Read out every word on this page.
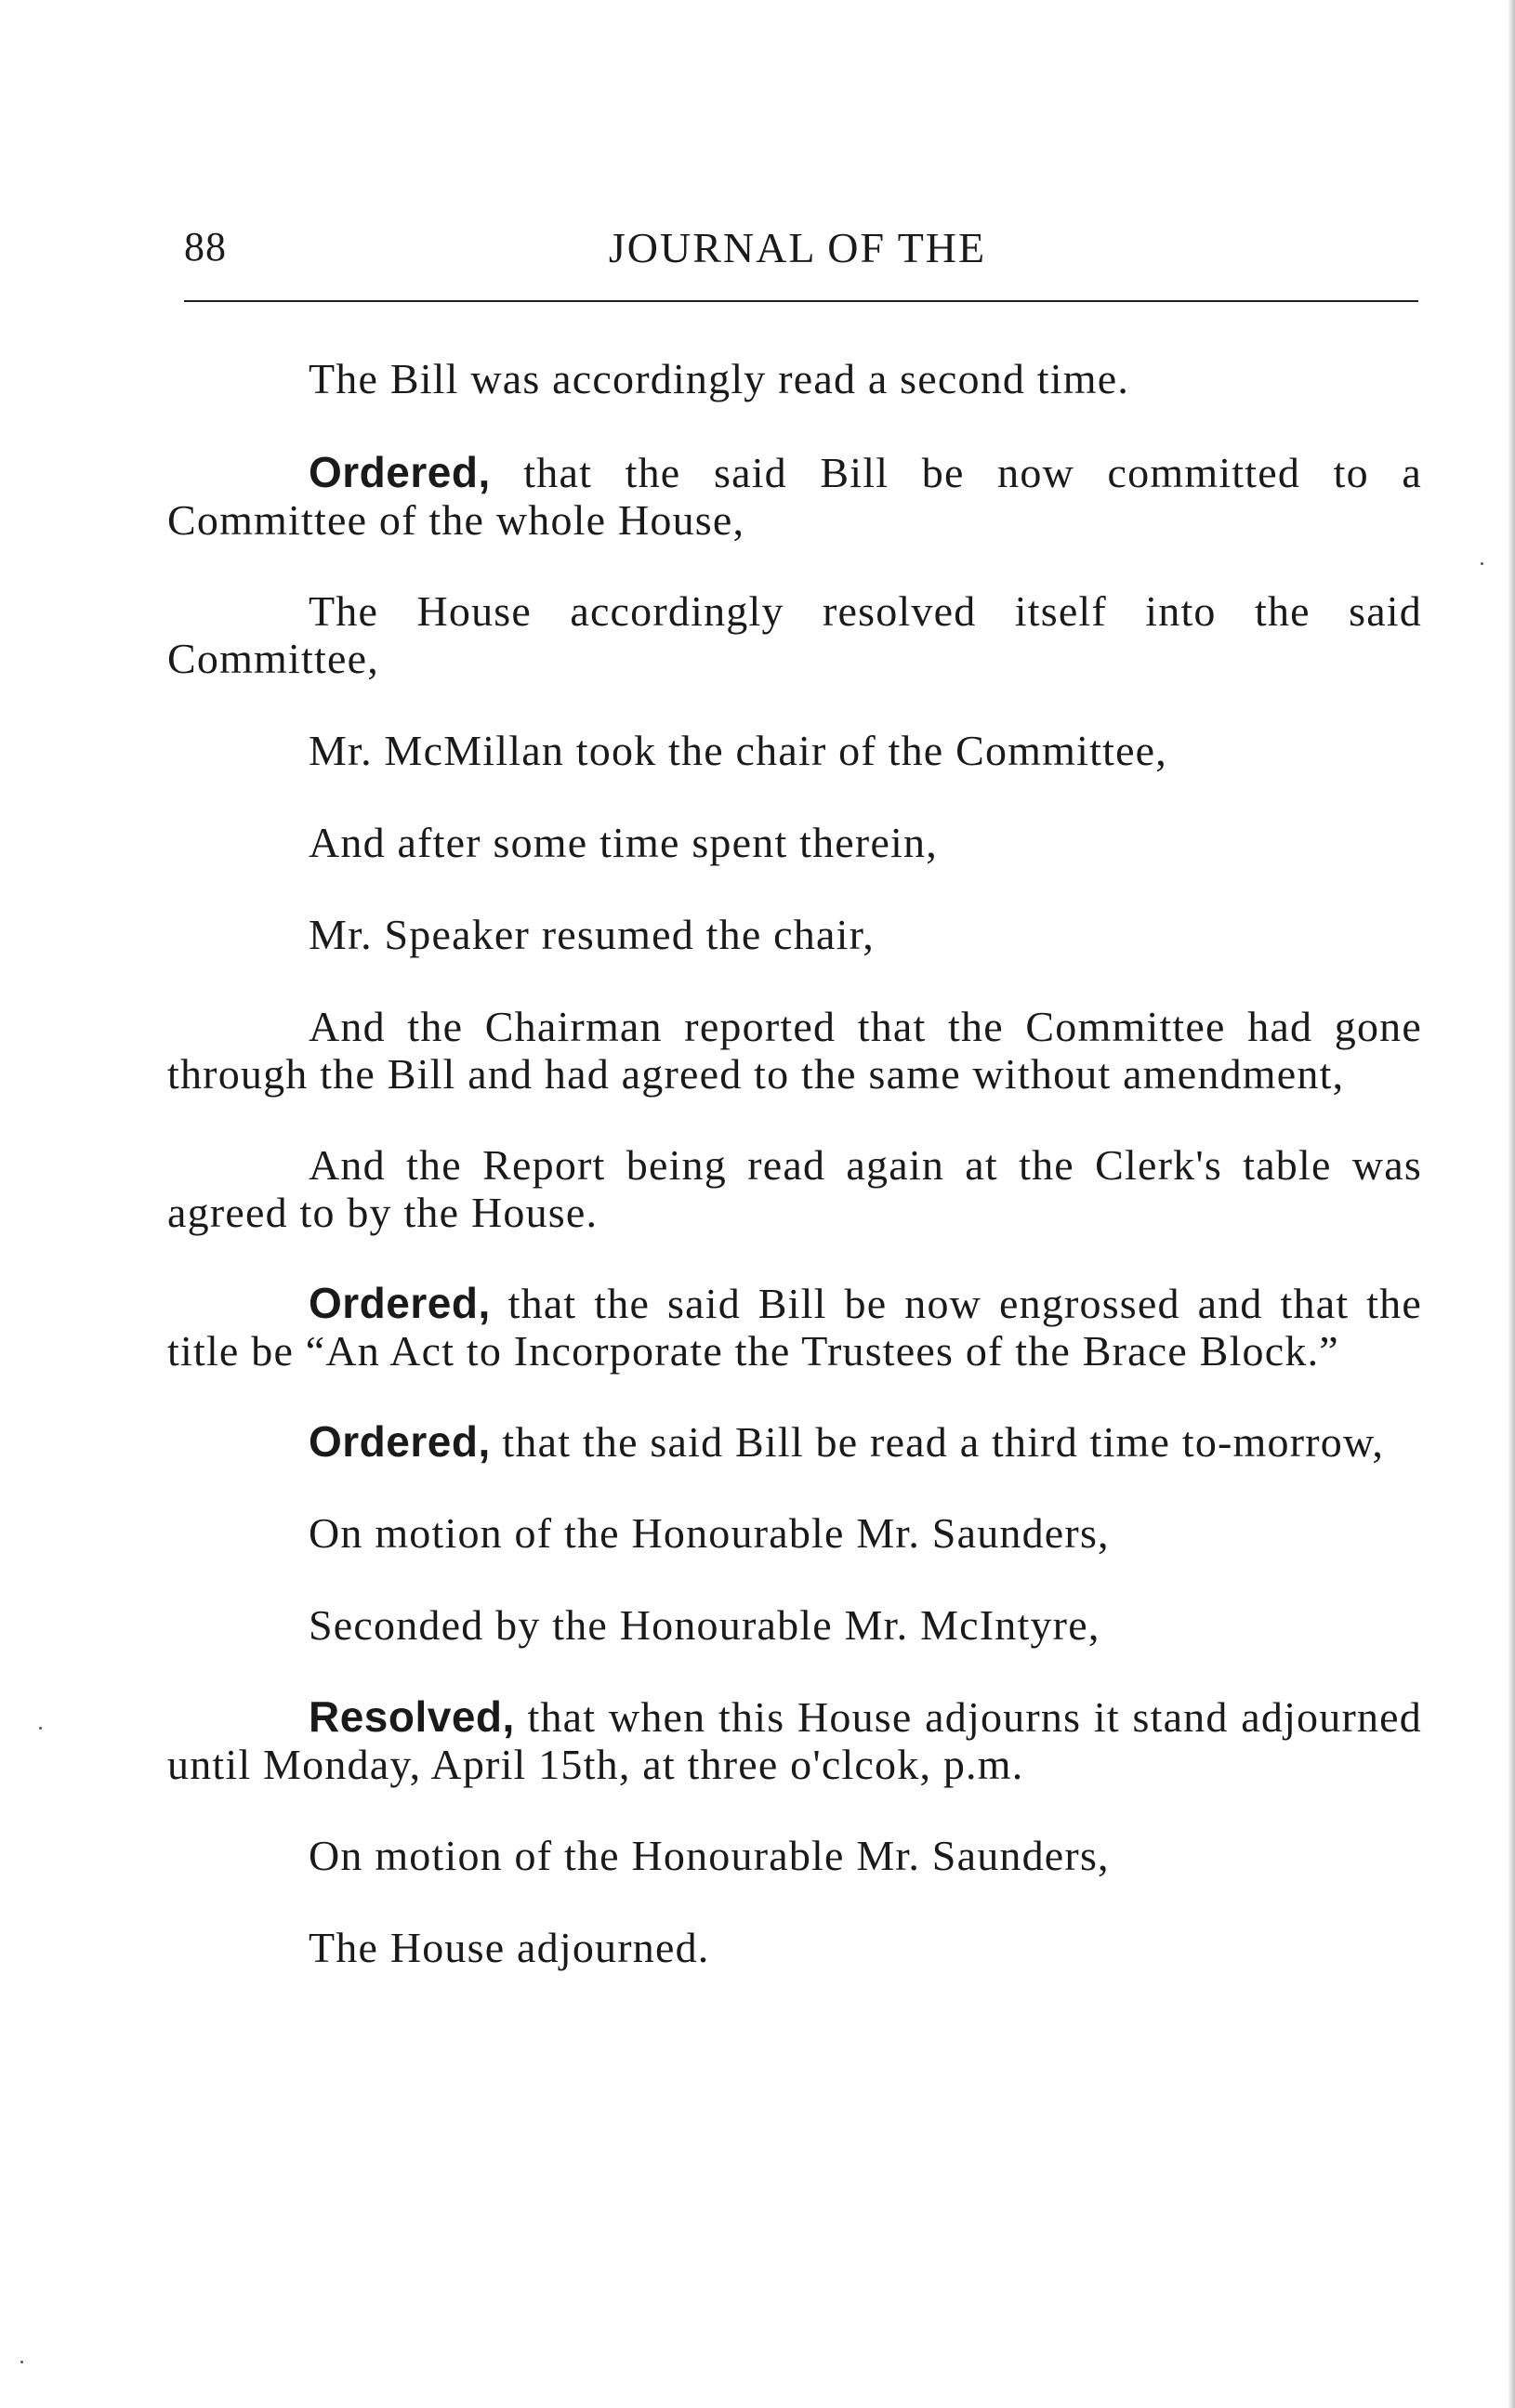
88	JOURNAL OF THE

The Bill was accordingly read a second time.

Ordered, that the said Bill be now committed to a Committee of the whole House,

The House accordingly resolved itself into the said Committee,

Mr. McMillan took the chair of the Committee,

And after some time spent therein,

Mr. Speaker resumed the chair,

And the Chairman reported that the Committee had gone through the Bill and had agreed to the same without amendment,

And the Report being read again at the Clerk's table was agreed to by the House.

Ordered, that the said Bill be now engrossed and that the title be “An Act to Incorporate the Trustees of the Brace Block.”

Ordered, that the said Bill be read a third time to-morrow,

On motion of the Honourable Mr. Saunders,

Seconded by the Honourable Mr. McIntyre,

Resolved, that when this House adjourns it stand adjourned until Monday, April 15th, at three o'clcok, p.m.

On motion of the Honourable Mr. Saunders,

The House adjourned.
